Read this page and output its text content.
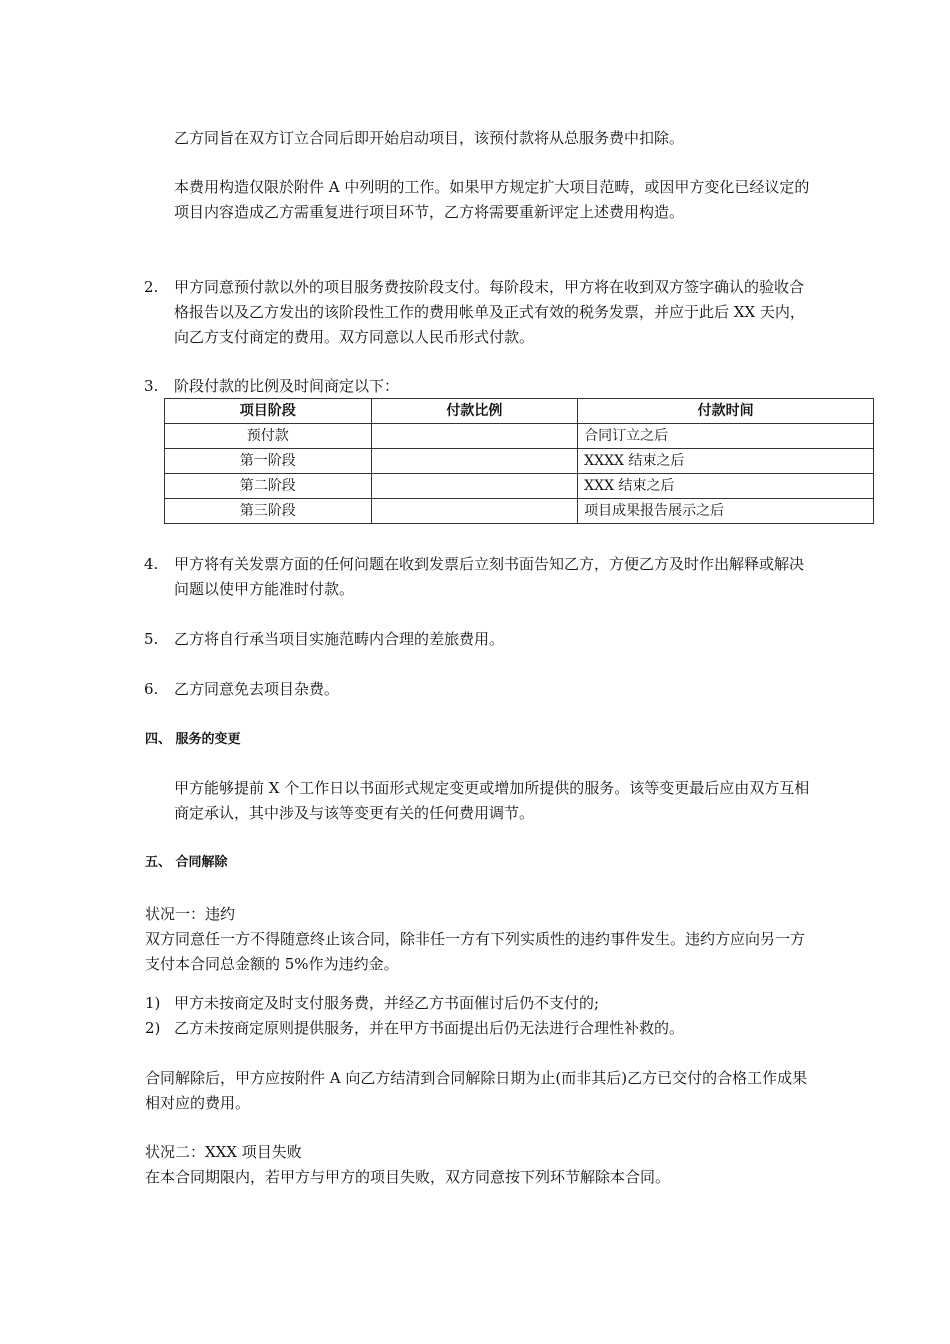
乙方同旨在双方订立合同后即开始启动项目，该预付款将从总服务费中扣除。

本费用构造仅限於附件 A 中列明的工作。如果甲方规定扩大项目范畴，或因甲方变化已经议定的项目内容造成乙方需重复进行项目环节，乙方将需要重新评定上述费用构造。

2. 甲方同意预付款以外的项目服务费按阶段支付。每阶段末，甲方将在收到双方签字确认的验收合格报告以及乙方发出的该阶段性工作的费用帐单及正式有效的税务发票，并应于此后 XX 天内，向乙方支付商定的费用。双方同意以人民币形式付款。

3. 阶段付款的比例及时间商定以下：

项目阶段	付款比例	付款时间
预付款		合同订立之后
第一阶段		XXXX 结束之后
第二阶段		XXX 结束之后
第三阶段		项目成果报告展示之后
4. 甲方将有关发票方面的任何问题在收到发票后立刻书面告知乙方，方便乙方及时作出解释或解决问题以使甲方能准时付款。

5. 乙方将自行承当项目实施范畴内合理的差旅费用。

6. 乙方同意免去项目杂费。

四、 服务的变更

甲方能够提前 X 个工作日以书面形式规定变更或增加所提供的服务。该等变更最后应由双方互相商定承认，其中涉及与该等变更有关的任何费用调节。

五、 合同解除

状况一：违约

双方同意任一方不得随意终止该合同，除非任一方有下列实质性的违约事件发生。违约方应向另一方支付本合同总金额的 5%作为违约金。

1) 甲方未按商定及时支付服务费，并经乙方书面催讨后仍不支付的;

2) 乙方未按商定原则提供服务，并在甲方书面提出后仍无法进行合理性补救的。

合同解除后，甲方应按附件 A 向乙方结清到合同解除日期为止(而非其后)乙方已交付的合格工作成果相对应的费用。

状况二：XXX 项目失败

在本合同期限内，若甲方与甲方的项目失败，双方同意按下列环节解除本合同。
